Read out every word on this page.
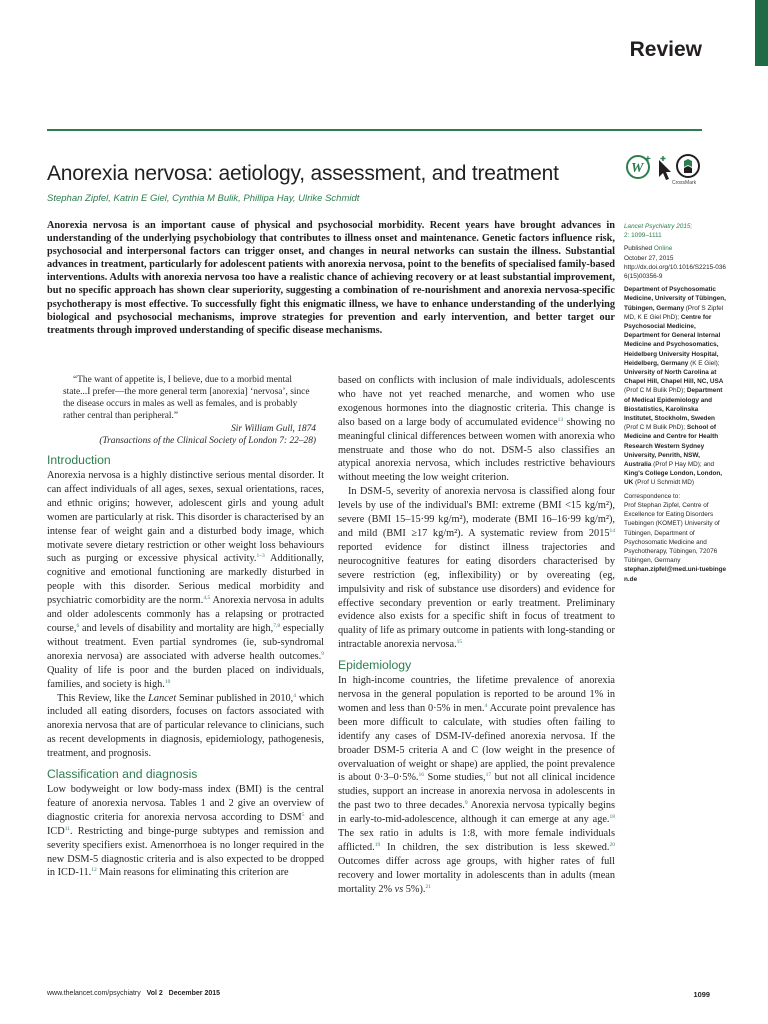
Review
Anorexia nervosa: aetiology, assessment, and treatment	W
+
CrossMark
Stephan Zipfel, Katrin E Giel, Cynthia M Bulik, Phillipa Hay, Ulrike Schmidt

Anorexia nervosa is an important cause of physical and psychosocial morbidity. Recent years have brought advances in understanding of the underlying psychobiology that contributes to illness onset and maintenance. Genetic factors influence risk, psychosocial and interpersonal factors can trigger onset, and changes in neural networks can sustain the illness. Substantial advances in treatment, particularly for adolescent patients with anorexia nervosa, point to the benefits of specialised family-based interventions. Adults with anorexia nervosa too have a realistic chance of achieving recovery or at least substantial improvement, but no specific approach has shown clear superiority, suggesting a combination of re-nourishment and anorexia nervosa-specific psychotherapy is most effective. To successfully fight this enigmatic illness, we have to enhance understanding of the underlying biological and psychosocial mechanisms, improve strategies for prevention and early intervention, and better target our treatments through improved understanding of specific disease mechanisms.

Lancet Psychiatry 2015;
2: 1099–1111

Published Online
October 27, 2015
http://dx.doi.org/10.1016/S2215-0366(15)00356-9

Department of Psychosomatic Medicine, University of Tübingen, Tübingen, Germany (Prof S Zipfel MD, K E Giel PhD); Centre for Psychosocial Medicine, Department for General Internal Medicine and Psychosomatics, Heidelberg University Hospital, Heidelberg, Germany (K E Giel); University of North Carolina at Chapel Hill, Chapel Hill, NC, USA (Prof C M Bulik PhD); Department of Medical Epidemiology and Biostatistics, Karolinska Institutet, Stockholm, Sweden (Prof C M Bulik PhD); School of Medicine and Centre for Health Research Western Sydney University, Penrith, NSW, Australia (Prof P Hay MD); and King's College London, London, UK (Prof U Schmidt MD)

Correspondence to:
Prof Stephan Zipfel, Centre of Excellence for Eating Disorders Tuebingen (KOMET) University of Tübingen, Department of Psychosomatic Medicine and Psychotherapy, Tübingen, 72076 Tübingen, Germany
stephan.zipfel@med.uni-tuebingen.de

“The want of appetite is, I believe, due to a morbid mental state...I prefer—the more general term [anorexia] ‘nervosa’, since the disease occurs in males as well as females, and is probably rather central than peripheral.”

Sir William Gull, 1874

(Transactions of the Clinical Society of London 7: 22–28)

Introduction

Anorexia nervosa is a highly distinctive serious mental disorder. It can affect individuals of all ages, sexes, sexual orientations, races, and ethnic origins; however, adolescent girls and young adult women are particularly at risk. This disorder is characterised by an intense fear of weight gain and a disturbed body image, which motivate severe dietary restriction or other weight loss behaviours such as purging or excessive physical activity.$^{1-3}$ Additionally, cognitive and emotional functioning are markedly disturbed in people with this disorder. Serious medical morbidity and psychiatric comorbidity are the norm.$^{4,5}$ Anorexia nervosa in adults and older adolescents commonly has a relapsing or protracted course,$^6$ and levels of disability and mortality are high,$^{7,8}$ especially without treatment. Even partial syndromes (ie, sub-syndromal anorexia nervosa) are associated with adverse health outcomes.$^9$ Quality of life is poor and the burden placed on individuals, families, and society is high.$^{10}$

This Review, like the Lancet Seminar published in 2010,$^4$ which included all eating disorders, focuses on factors associated with anorexia nervosa that are of particular relevance to clinicians, such as recent developments in diagnosis, epidemiology, pathogenesis, treatment, and prognosis.

Classification and diagnosis

Low bodyweight or low body-mass index (BMI) is the central feature of anorexia nervosa. Tables 1 and 2 give an overview of diagnostic criteria for anorexia nervosa according to DSM$^5$ and ICD$^{11}$. Restricting and binge-purge subtypes and remission and severity specifiers exist. Amenorrhoea is no longer required in the new DSM-5 diagnostic criteria and is also expected to be dropped in ICD-11.12 Main reasons for eliminating this criterion are

based on conflicts with inclusion of male individuals, adolescents who have not yet reached menarche, and women who use exogenous hormones into the diagnostic criteria. This change is also based on a large body of accumulated evidence$^{13}$ showing no meaningful clinical differences between women with anorexia who menstruate and those who do not. DSM-5 also classifies an atypical anorexia nervosa, which includes restrictive behaviours without meeting the low weight criterion.

In DSM-5, severity of anorexia nervosa is classified along four levels by use of the individual's BMI: extreme (BMI <15 kg/m²), severe (BMI 15–15·99 kg/m²), moderate (BMI 16–16·99 kg/m²), and mild (BMI ≥17 kg/m²). A systematic review from 2015$^{14}$ reported evidence for distinct illness trajectories and neurocognitive features for eating disorders characterised by severe restriction (eg, inflexibility) or by overeating (eg, impulsivity and risk of substance use disorders) and evidence for effective secondary prevention or early treatment. Preliminary evidence also exists for a specific shift in focus of treatment to quality of life as primary outcome in patients with long-standing or intractable anorexia nervosa.$^{15}$

Epidemiology

In high-income countries, the lifetime prevalence of anorexia nervosa in the general population is reported to be around 1% in women and less than 0·5% in men.$^4$ Accurate point prevalence has been more difficult to calculate, with studies often failing to identify any cases of DSM-IV-defined anorexia nervosa. If the broader DSM-5 criteria A and C (low weight in the presence of overvaluation of weight or shape) are applied, the point prevalence is about 0·3–0·5%.$^{16}$ Some studies,$^{17}$ but not all clinical incidence studies, support an increase in anorexia nervosa in adolescents in the past two to three decades.$^9$ Anorexia nervosa typically begins in early-to-mid-adolescence, although it can emerge at any age.$^{18}$ The sex ratio in adults is 1:8, with more female individuals afflicted.$^{19}$ In children, the sex distribution is less skewed.$^{20}$ Outcomes differ across age groups, with higher rates of full recovery and lower mortality in adolescents than in adults (mean mortality 2% vs 5%).$^{21}$

www.thelancet.com/psychiatry Vol 2 December 2015	1099
